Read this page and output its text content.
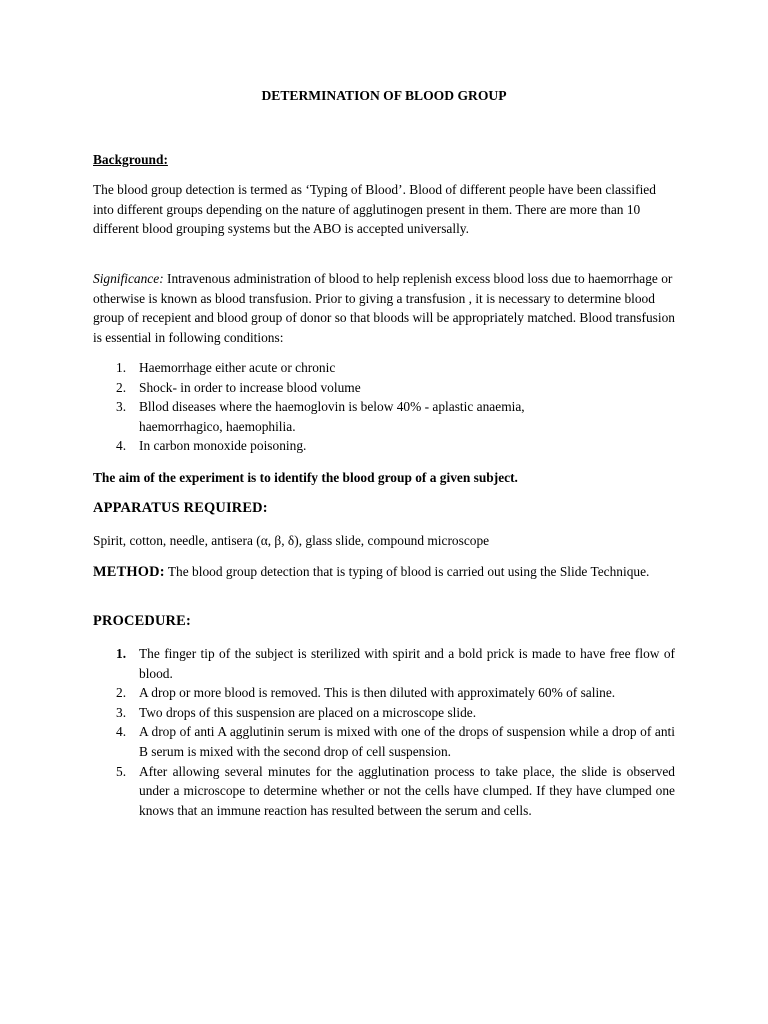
DETERMINATION OF BLOOD GROUP

Background:

The blood group detection is termed as ‘Typing of Blood’. Blood of different people have been classified into different groups depending on the nature of agglutinogen present in them. There are more than 10 different blood grouping systems but the ABO is accepted universally.

Significance: Intravenous administration of blood to help replenish excess blood loss due to haemorrhage or otherwise is known as blood transfusion. Prior to giving a transfusion , it is necessary to determine blood group of recepient and blood group of donor so that bloods will be appropriately matched. Blood transfusion is essential in following conditions:

1. Haemorrhage either acute or chronic
2. Shock- in order to increase blood volume
3. Bllod diseases where the haemoglovin is below 40% - aplastic anaemia, haemorrhagico, haemophilia.
4. In carbon monoxide poisoning.

The aim of the experiment is to identify the blood group of a given subject.

APPARATUS REQUIRED:

Spirit, cotton, needle, antisera (α, β, δ), glass slide, compound microscope

METHOD: The blood group detection that is typing of blood is carried out using the Slide Technique.

PROCEDURE:

1. The finger tip of the subject is sterilized with spirit and a bold prick is made to have free flow of blood.
2. A drop or more blood is removed. This is then diluted with approximately 60% of saline.
3. Two drops of this suspension are placed on a microscope slide.
4. A drop of anti A agglutinin serum is mixed with one of the drops of suspension while a drop of anti B serum is mixed with the second drop of cell suspension.
5. After allowing several minutes for the agglutination process to take place, the slide is observed under a microscope to determine whether or not the cells have clumped. If they have clumped one knows that an immune reaction has resulted between the serum and cells.
